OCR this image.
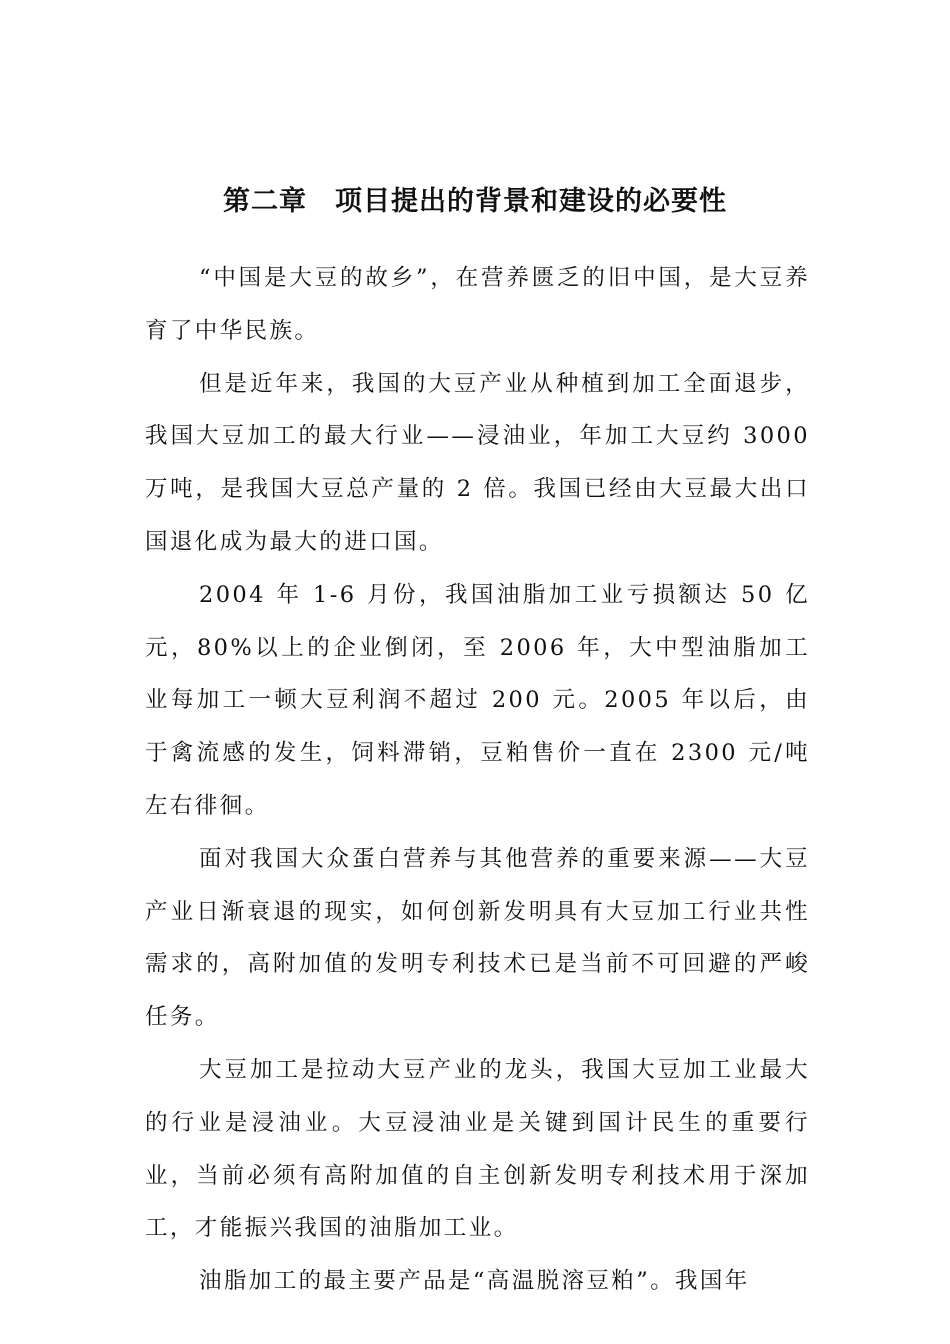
第二章　项目提出的背景和建设的必要性

“中国是大豆的故乡”，在营养匮乏的旧中国，是大豆养育了中华民族。

但是近年来，我国的大豆产业从种植到加工全面退步，我国大豆加工的最大行业——浸油业，年加工大豆约 3000 万吨，是我国大豆总产量的 2 倍。我国已经由大豆最大出口国退化成为最大的进口国。

2004 年 1-6 月份，我国油脂加工业亏损额达 50 亿元，80%以上的企业倒闭，至 2006 年，大中型油脂加工业每加工一顿大豆利润不超过 200 元。2005 年以后，由于禽流感的发生，饲料滞销，豆粕售价一直在 2300 元/吨左右徘徊。

面对我国大众蛋白营养与其他营养的重要来源——大豆产业日渐衰退的现实，如何创新发明具有大豆加工行业共性需求的，高附加值的发明专利技术已是当前不可回避的严峻任务。

大豆加工是拉动大豆产业的龙头，我国大豆加工业最大的行业是浸油业。大豆浸油业是关键到国计民生的重要行业，当前必须有高附加值的自主创新发明专利技术用于深加工，才能振兴我国的油脂加工业。

油脂加工的最主要产品是“高温脱溶豆粕”。我国年
